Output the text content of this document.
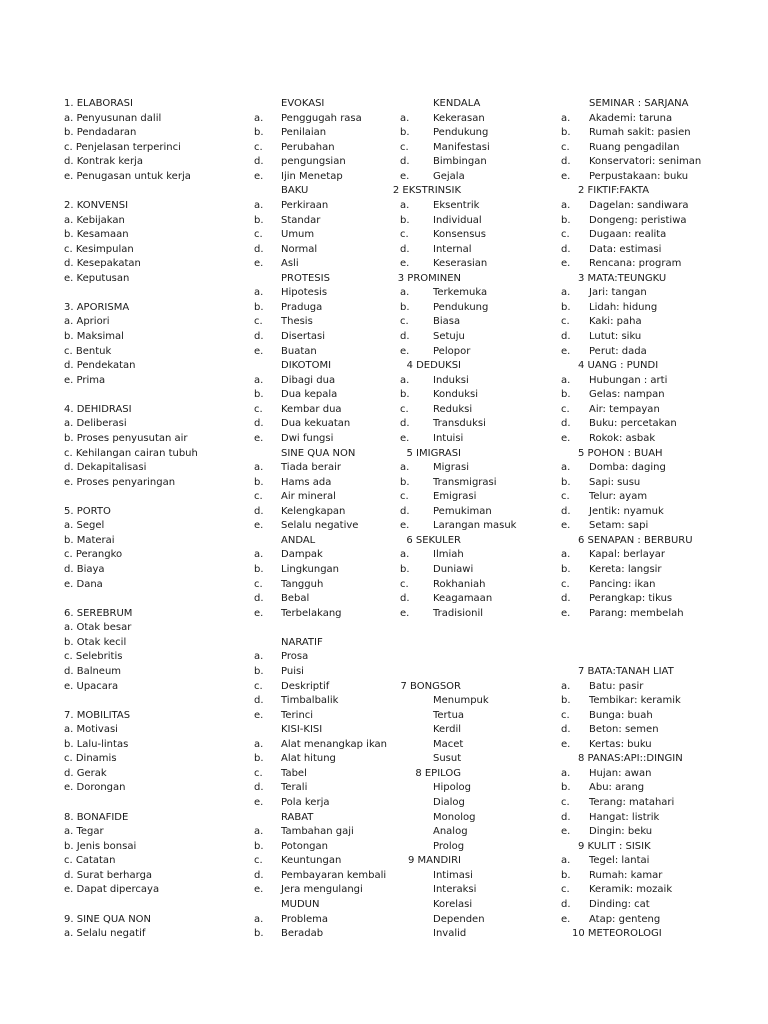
1. ELABORASI
a. Penyusunan dalil
b. Pendadaran
c. Penjelasan terperinci
d. Kontrak kerja
e. Penugasan untuk kerja
2. KONVENSI
a. Kebijakan
b. Kesamaan
c. Kesimpulan
d. Kesepakatan
e. Keputusan
3. APORISMA
a. Apriori
b. Maksimal
c. Bentuk
d. Pendekatan
e. Prima
4. DEHIDRASI
a. Deliberasi
b. Proses penyusutan air
c. Kehilangan cairan tubuh
d. Dekapitalisasi
e. Proses penyaringan
5. PORTO
a. Segel
b. Materai
c. Perangko
d. Biaya
e. Dana
6. SEREBRUM
a. Otak besar
b. Otak kecil
c. Selebritis
d. Balneum
e. Upacara
7. MOBILITAS
a. Motivasi
b. Lalu-lintas
c. Dinamis
d. Gerak
e. Dorongan
8. BONAFIDE
a. Tegar
b. Jenis bonsai
c. Catatan
d. Surat berharga
e. Dapat dipercaya
9. SINE QUA NON
a. Selalu negatif
EVOKASI
a. Penggugah rasa
b. Penilaian
c. Perubahan
d. pengungsian
e. Ijin Menetap
BAKU
a. Perkiraan
b. Standar
c. Umum
d. Normal
e. Asli
PROTESIS
a. Hipotesis
b. Praduga
c. Thesis
d. Disertasi
e. Buatan
DIKOTOMI
a. Dibagi dua
b. Dua kepala
c. Kembar dua
d. Dua kekuatan
e. Dwi fungsi
SINE QUA NON
a. Tiada berair
b. Hams ada
c. Air mineral
d. Kelengkapan
e. Selalu negative
ANDAL
a. Dampak
b. Lingkungan
c. Tangguh
d. Bebal
e. Terbelakang
NARATIF
a. Prosa
b. Puisi
c. Deskriptif
d. Timbalbalik
e. Terinci
KISI-KISI
a. Alat menangkap ikan
b. Alat hitung
c. Tabel
d. Terali
e. Pola kerja
RABAT
a. Tambahan gaji
b. Potongan
c. Keuntungan
d. Pembayaran kembali
e. Jera mengulangi
MUDUN
a. Problema
b. Beradab
KENDALA
a. Kekerasan
b. Pendukung
c. Manifestasi
d. Bimbingan
e. Gejala
2 EKSTRINSIK
a. Eksentrik
b. Individual
c. Konsensus
d. Internal
e. Keserasian
3 PROMINEN
a. Terkemuka
b. Pendukung
c. Biasa
d. Setuju
e. Pelopor
4 DEDUKSI
a. Induksi
b. Konduksi
c. Reduksi
d. Transduksi
e. Intuisi
5 IMIGRASI
a. Migrasi
b. Transmigrasi
c. Emigrasi
d. Pemukiman
e. Larangan masuk
6 SEKULER
a. Ilmiah
b. Duniawi
c. Rokhaniah
d. Keagamaan
e. Tradisionil
7 BONGSOR
Menumpuk
Tertua
Kerdil
Macet
Susut
8 EPILOG
Hipolog
Dialog
Monolog
Analog
Prolog
9 MANDIRI
Intimasi
Interaksi
Korelasi
Dependen
Invalid
SEMINAR : SARJANA
a. Akademi: taruna
b. Rumah sakit: pasien
c. Ruang pengadilan
d. Konservatori: seniman
e. Perpustakaan: buku
2 FIKTIF:FAKTA
a. Dagelan: sandiwara
b. Dongeng: peristiwa
c. Dugaan: realita
d. Data: estimasi
e. Rencana: program
3 MATA:TEUNGKU
a. Jari: tangan
b. Lidah: hidung
c. Kaki: paha
d. Lutut: siku
e. Perut: dada
4 UANG : PUNDI
a. Hubungan : arti
b. Gelas: nampan
c. Air: tempayan
d. Buku: percetakan
e. Rokok: asbak
5 POHON : BUAH
a. Domba: daging
b. Sapi: susu
c. Telur: ayam
d. Jentik: nyamuk
e. Setam: sapi
6 SENAPAN : BERBURU
a. Kapal: berlayar
b. Kereta: langsir
c. Pancing: ikan
d. Perangkap: tikus
e. Parang: membelah
7 BATA:TANAH LIAT
a. Batu: pasir
b. Tembikar: keramik
c. Bunga: buah
d. Beton: semen
e. Kertas: buku
8 PANAS:API::DINGIN
a. Hujan: awan
b. Abu: arang
c. Terang: matahari
d. Hangat: listrik
e. Dingin: beku
9 KULIT : SISIK
a. Tegel: lantai
b. Rumah: kamar
c. Keramik: mozaik
d. Dinding: cat
e. Atap: genteng
10 METEOROLOGI
